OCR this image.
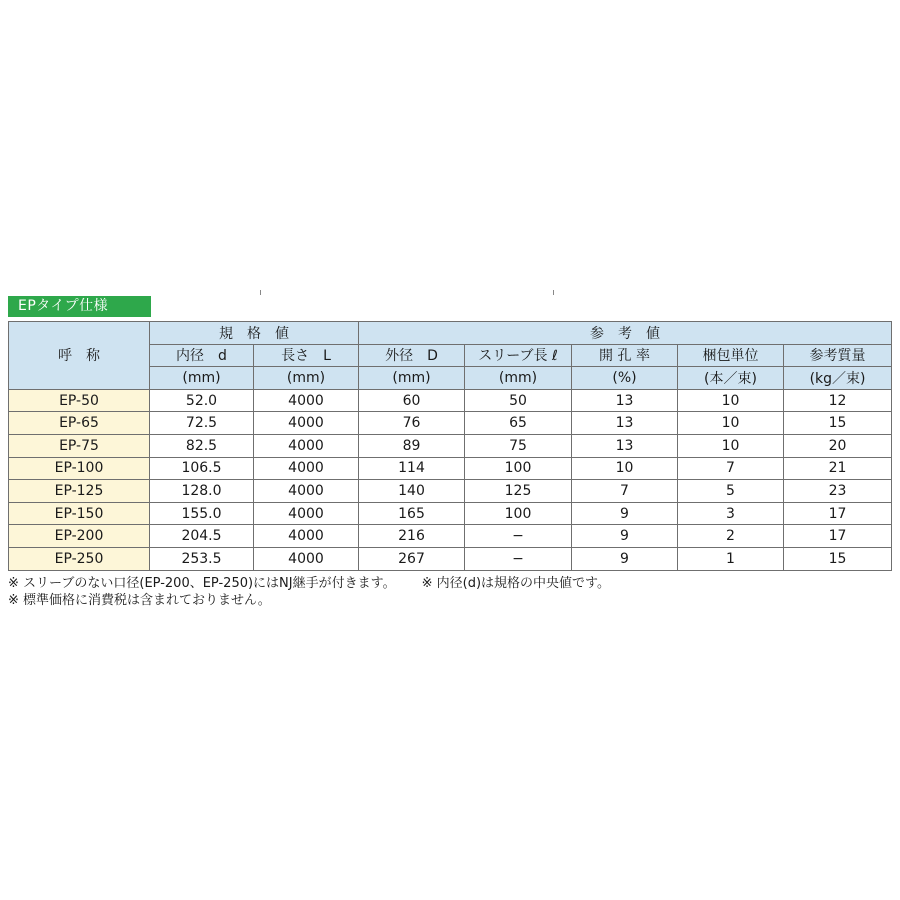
EPタイプ仕様
呼　称	規　格　値		参　考　値				
	内径　d	長さ　L	外径　D	スリーブ長 ℓ	開 孔 率	梱包単位	参考質量
	(mm)	(mm)	(mm)	(mm)	(%)	(本／束)	(kg／束)
EP-50	52.0	4000	60	50	13	10	12
EP-65	72.5	4000	76	65	13	10	15
EP-75	82.5	4000	89	75	13	10	20
EP-100	106.5	4000	114	100	10	7	21
EP-125	128.0	4000	140	125	7	5	23
EP-150	155.0	4000	165	100	9	3	17
EP-200	204.5	4000	216	−	9	2	17
EP-250	253.5	4000	267	−	9	1	15
※ スリーブのない口径(EP-200、EP-250)にはNJ継手が付きます。 ※ 内径(d)は規格の中央値です。
※ 標準価格に消費税は含まれておりません。
